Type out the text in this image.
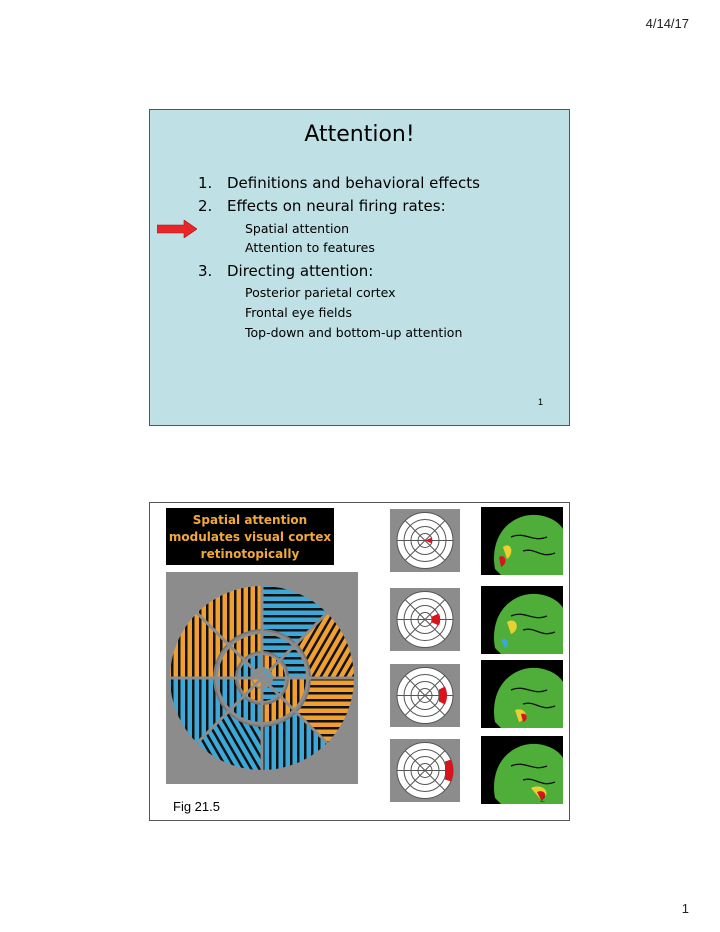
4/14/17
Attention!
1. Definitions and behavioral effects
2. Effects on neural firing rates:
Spatial attention
Attention to features
3. Directing attention:
Posterior parietal cortex
Frontal eye fields
Top-down and bottom-up attention
1
Spatial attention
modulates visual cortex
retinotopically
Fig 21.5	2
1
